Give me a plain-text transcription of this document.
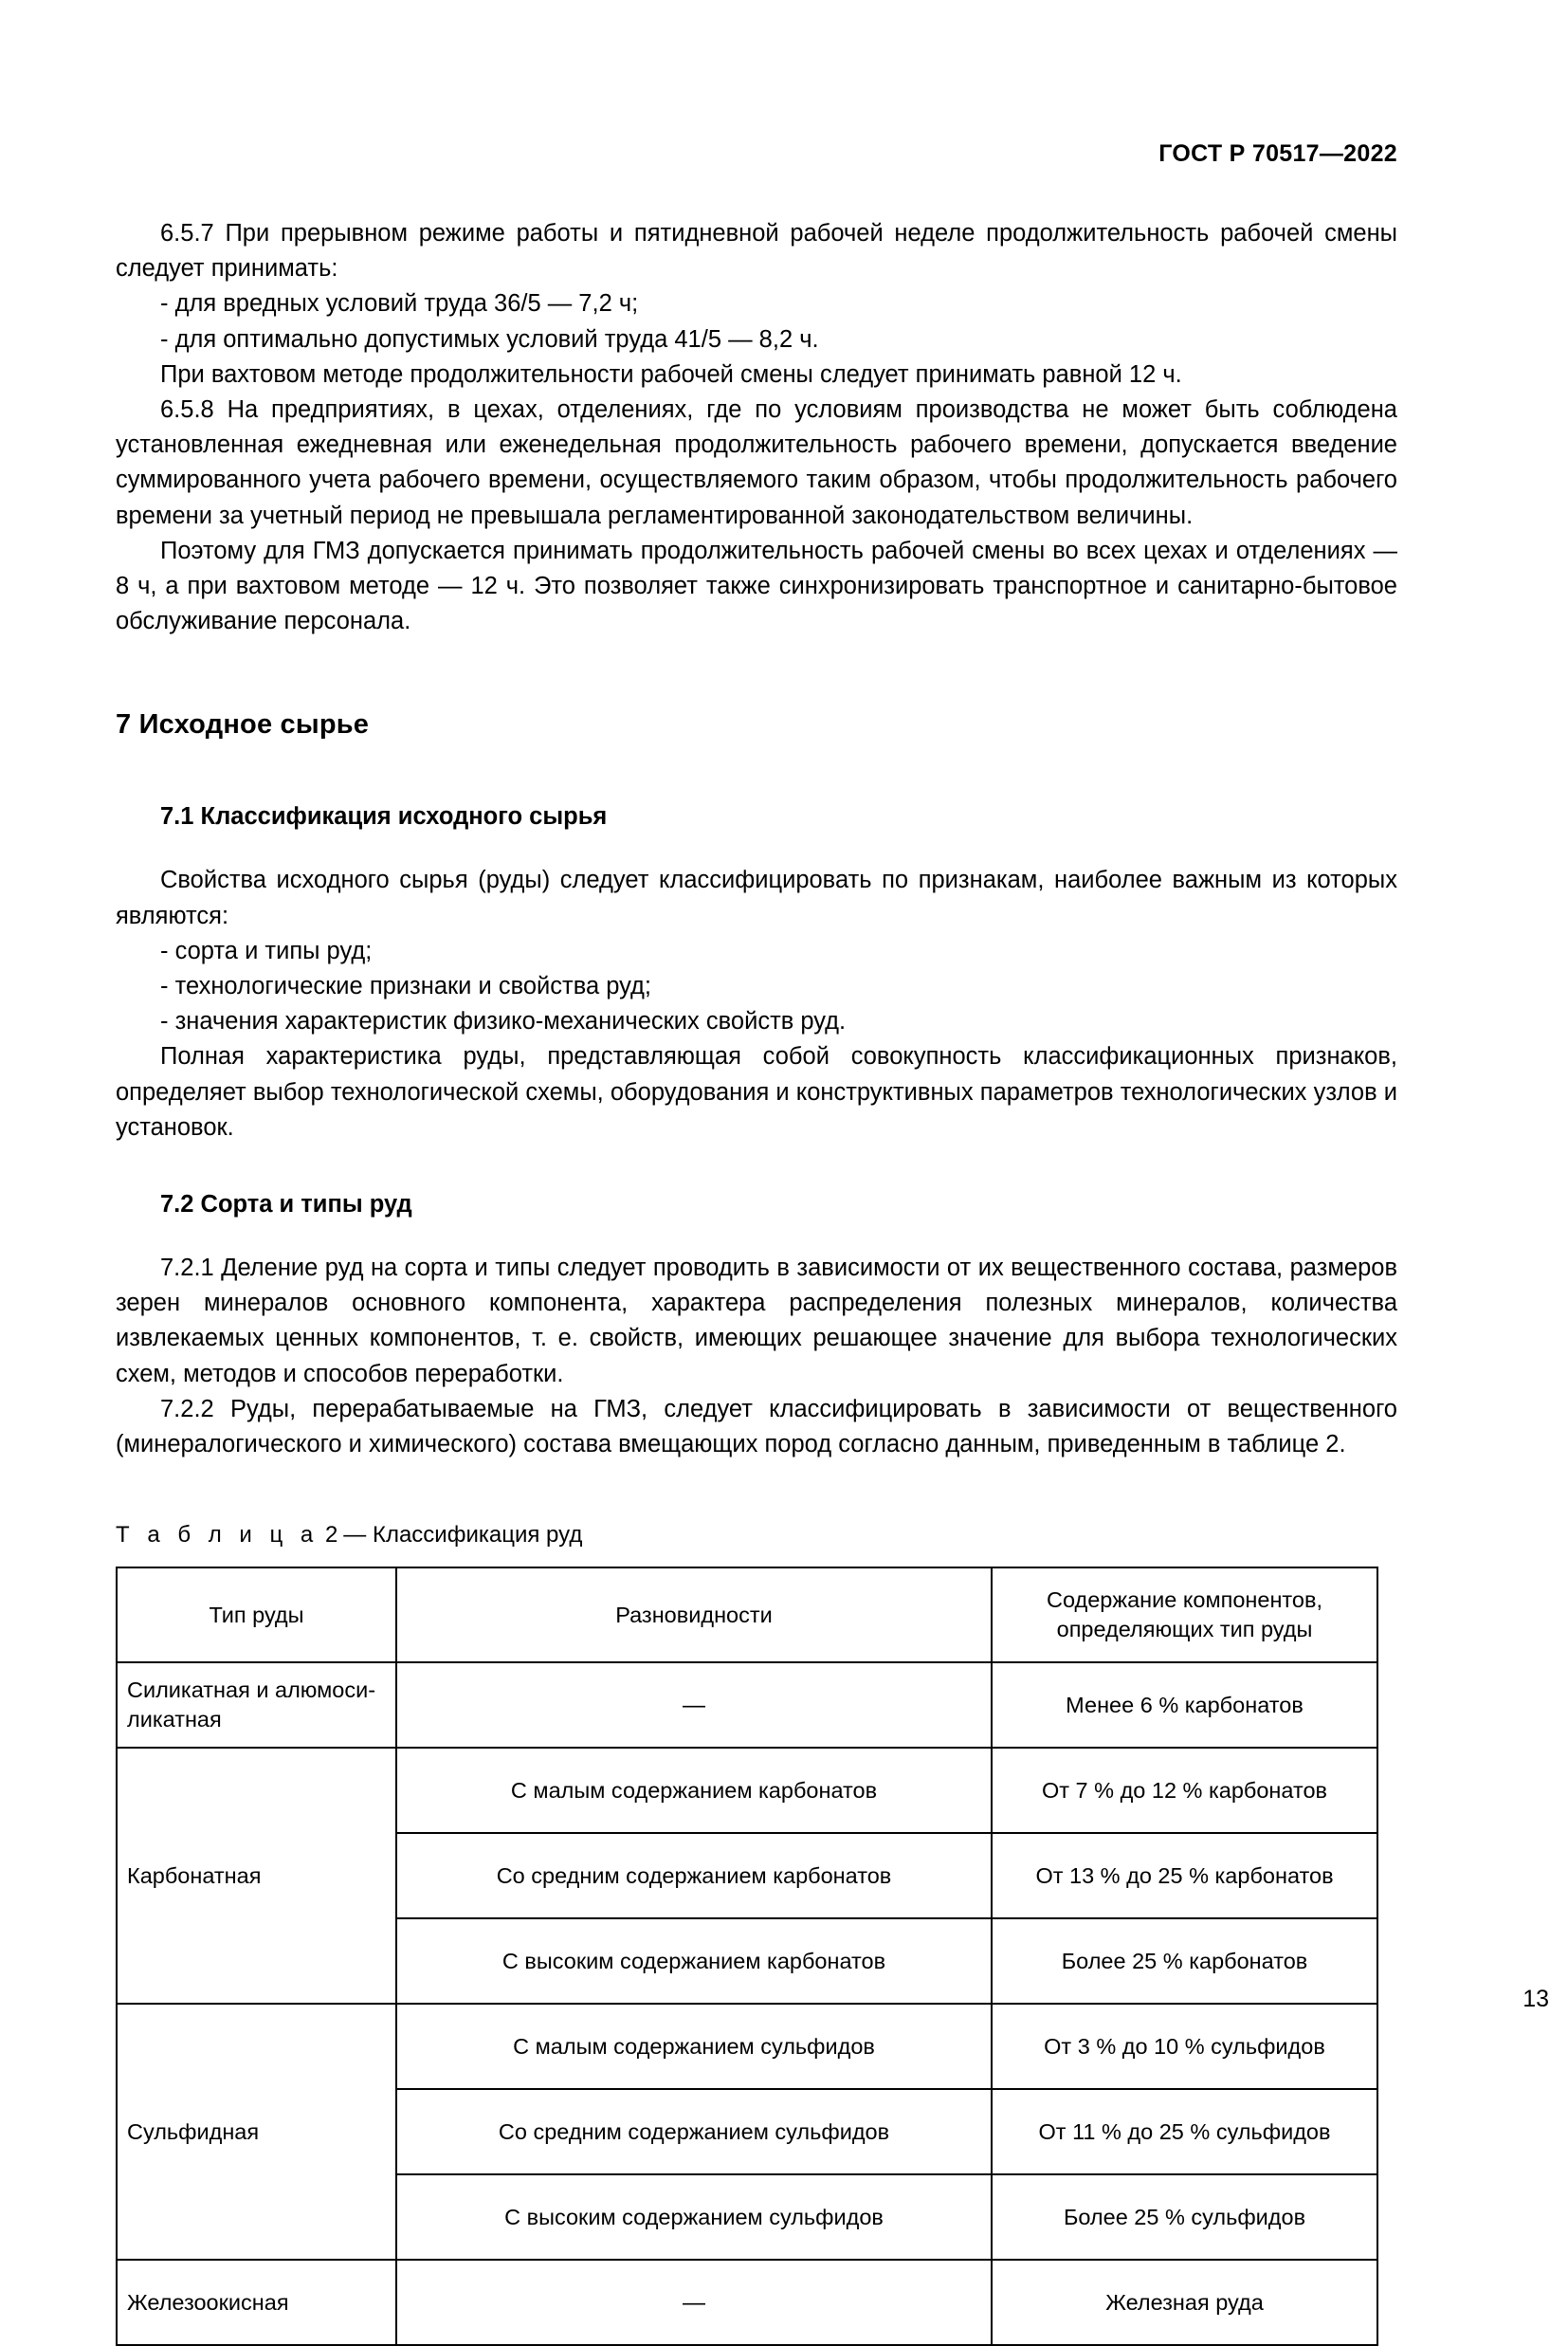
ГОСТ Р 70517—2022

6.5.7 При прерывном режиме работы и пятидневной рабочей неделе продолжительность рабочей смены следует принимать:

- для вредных условий труда 36/5 — 7,2 ч;

- для оптимально допустимых условий труда 41/5 — 8,2 ч.

При вахтовом методе продолжительности рабочей смены следует принимать равной 12 ч.

6.5.8 На предприятиях, в цехах, отделениях, где по условиям производства не может быть соблюдена установленная ежедневная или еженедельная продолжительность рабочего времени, допускается введение суммированного учета рабочего времени, осуществляемого таким образом, чтобы продолжительность рабочего времени за учетный период не превышала регламентированной законодательством величины.

Поэтому для ГМЗ допускается принимать продолжительность рабочей смены во всех цехах и отделениях — 8 ч, а при вахтовом методе — 12 ч. Это позволяет также синхронизировать транспортное и санитарно-бытовое обслуживание персонала.

7 Исходное сырье
7.1 Классификация исходного сырья

Свойства исходного сырья (руды) следует классифицировать по признакам, наиболее важным из которых являются:

- сорта и типы руд;

- технологические признаки и свойства руд;

- значения характеристик физико-механических свойств руд.

Полная характеристика руды, представляющая собой совокупность классификационных признаков, определяет выбор технологической схемы, оборудования и конструктивных параметров технологических узлов и установок.

7.2 Сорта и типы руд

7.2.1 Деление руд на сорта и типы следует проводить в зависимости от их вещественного состава, размеров зерен минералов основного компонента, характера распределения полезных минералов, количества извлекаемых ценных компонентов, т. е. свойств, имеющих решающее значение для выбора технологических схем, методов и способов переработки.

7.2.2 Руды, перерабатываемые на ГМЗ, следует классифицировать в зависимости от вещественного (минералогического и химического) состава вмещающих пород согласно данным, приведенным в таблице 2.

Т а б л и ц а 2— Классификация руд

Тип руды	Разновидности	Содержание компонентов,
определяющих тип руды

Силикатная и алюмоси-
ликатная	—	Менее 6 % карбонатов
Карбонатная	С малым содержанием карбонатов	От 7 % до 12 % карбонатов
	Со средним содержанием карбонатов	От 13 % до 25 % карбонатов
	С высоким содержанием карбонатов	Более 25 % карбонатов
Сульфидная	С малым содержанием сульфидов	От 3 % до 10 % сульфидов
	Со средним содержанием сульфидов	От 11 % до 25 % сульфидов
	С высоким содержанием сульфидов	Более 25 % сульфидов
Железоокисная	—	Железная руда
13
